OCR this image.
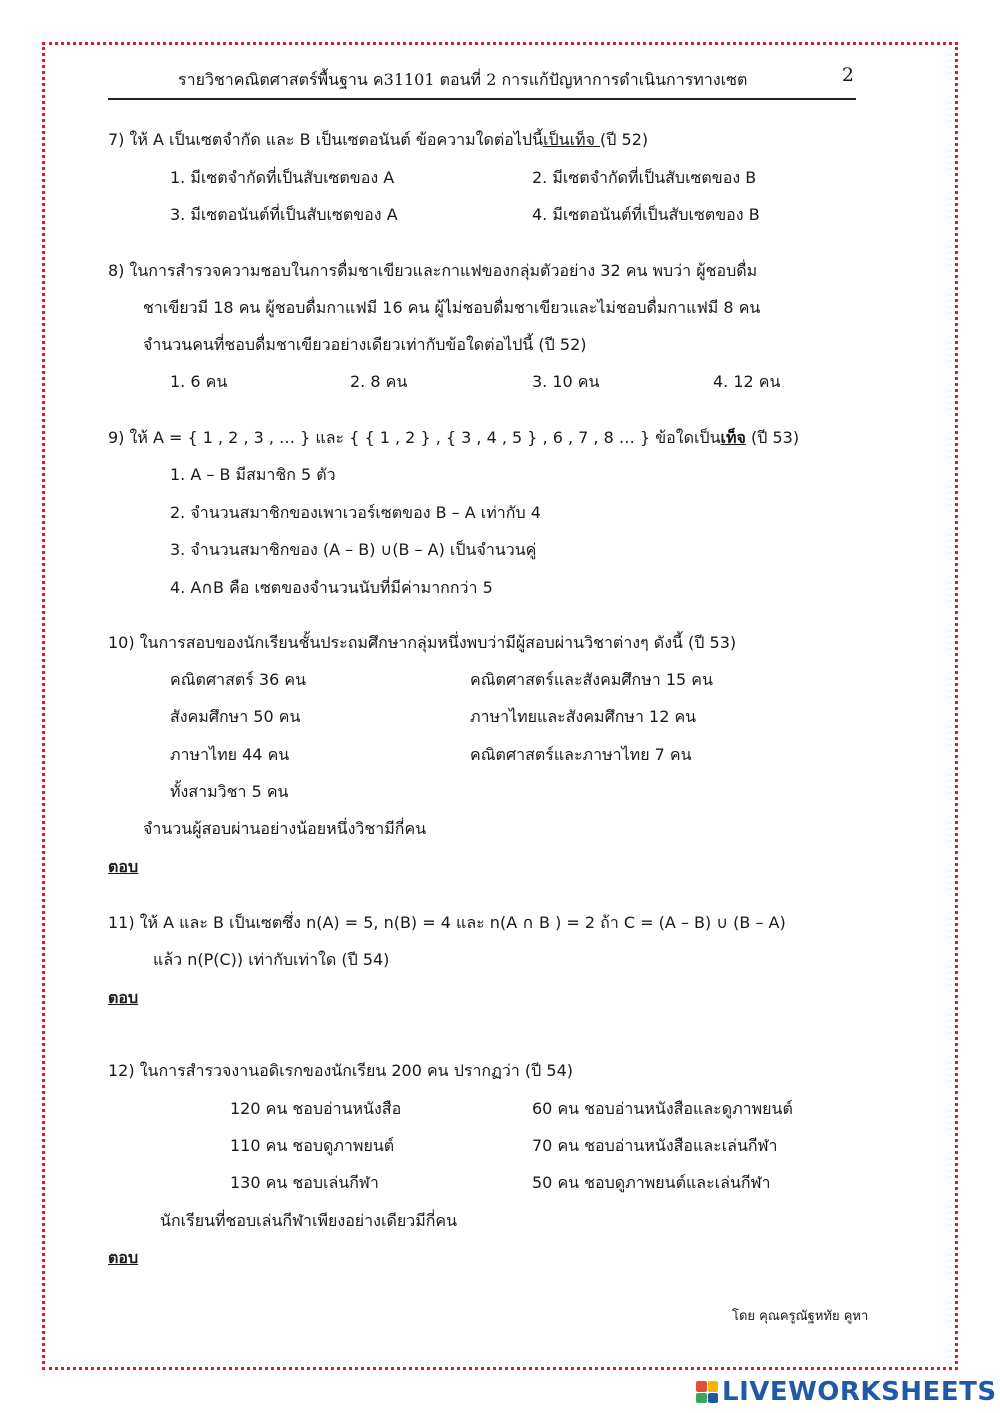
รายวิชาคณิตศาสตร์พื้นฐาน ค31101 ตอนที่ 2 การแก้ปัญหาการดำเนินการทางเซต	2
7) ให้ A เป็นเซตจำกัด และ B เป็นเซตอนันต์ ข้อความใดต่อไปนี้เป็นเท็จ (ปี 52)
1. มีเซตจำกัดที่เป็นสับเซตของ A	2. มีเซตจำกัดที่เป็นสับเซตของ B
3. มีเซตอนันต์ที่เป็นสับเซตของ A	4. มีเซตอนันต์ที่เป็นสับเซตของ B
8) ในการสำรวจความชอบในการดื่มชาเขียวและกาแฟของกลุ่มตัวอย่าง 32 คน พบว่า ผู้ชอบดื่ม
ชาเขียวมี 18 คน ผู้ชอบดื่มกาแฟมี 16 คน ผู้ไม่ชอบดื่มชาเขียวและไม่ชอบดื่มกาแฟมี 8 คน
จำนวนคนที่ชอบดื่มชาเขียวอย่างเดียวเท่ากับข้อใดต่อไปนี้ (ปี 52)
1. 6 คน	2. 8 คน	3. 10 คน	4. 12 คน
9) ให้ A = { 1 , 2 , 3 , … } และ { { 1 , 2 } , { 3 , 4 , 5 } , 6 , 7 , 8 … } ข้อใดเป็นเท็จ (ปี 53)
1. A – B มีสมาชิก 5 ตัว
2. จำนวนสมาชิกของเพาเวอร์เซตของ B – A เท่ากับ 4
3. จำนวนสมาชิกของ (A – B) ∪(B – A) เป็นจำนวนคู่
4. A∩B คือ เซตของจำนวนนับที่มีค่ามากกว่า 5
10) ในการสอบของนักเรียนชั้นประถมศึกษากลุ่มหนึ่งพบว่ามีผู้สอบผ่านวิชาต่างๆ ดังนี้ (ปี 53)
คณิตศาสตร์ 36 คน	คณิตศาสตร์และสังคมศึกษา 15 คน
สังคมศึกษา 50 คน	ภาษาไทยและสังคมศึกษา 12 คน
ภาษาไทย 44 คน	คณิตศาสตร์และภาษาไทย 7 คน
ทั้งสามวิชา 5 คน
จำนวนผู้สอบผ่านอย่างน้อยหนึ่งวิชามีกี่คน
ตอบ
11) ให้ A และ B เป็นเซตซึ่ง n(A) = 5, n(B) = 4 และ n(A ∩ B ) = 2 ถ้า C = (A – B) ∪ (B – A)
แล้ว n(P(C)) เท่ากับเท่าใด (ปี 54)
ตอบ
12) ในการสำรวจงานอดิเรกของนักเรียน 200 คน ปรากฏว่า (ปี 54)
120 คน ชอบอ่านหนังสือ	60 คน ชอบอ่านหนังสือและดูภาพยนต์
110 คน ชอบดูภาพยนต์	70 คน ชอบอ่านหนังสือและเล่นกีฬา
130 คน ชอบเล่นกีฬา	50 คน ชอบดูภาพยนต์และเล่นกีฬา
นักเรียนที่ชอบเล่นกีฬาเพียงอย่างเดียวมีกี่คน
ตอบ
โดย คุณครูณัฐหทัย คูหา
LIVEWORKSHEETS
